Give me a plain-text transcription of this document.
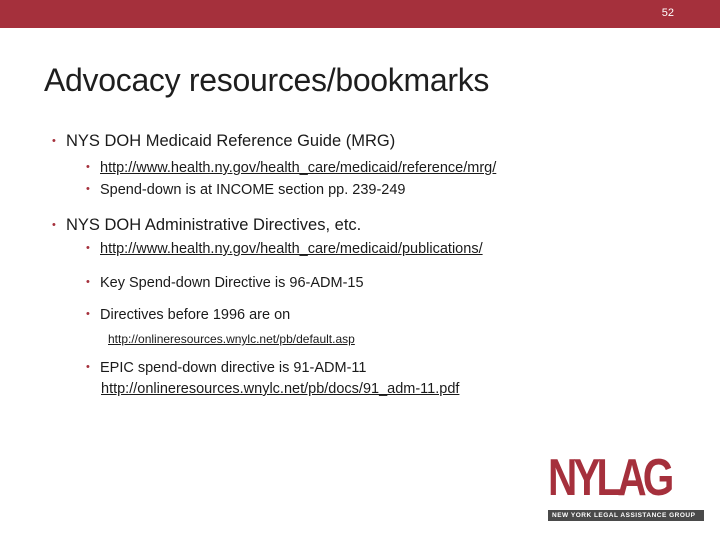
52
Advocacy resources/bookmarks
• NYS DOH Medicaid Reference Guide (MRG)
• http://www.health.ny.gov/health_care/medicaid/reference/mrg/
• Spend-down is at INCOME section pp. 239-249
• NYS DOH Administrative Directives, etc.
• http://www.health.ny.gov/health_care/medicaid/publications/
• Key Spend-down Directive is 96-ADM-15
• Directives before 1996 are on
http://onlineresources.wnylc.net/pb/default.asp
• EPIC spend-down directive is 91-ADM-11
http://onlineresources.wnylc.net/pb/docs/91_adm-11.pdf
NYLAG
NEW YORK LEGAL ASSISTANCE GROUP
